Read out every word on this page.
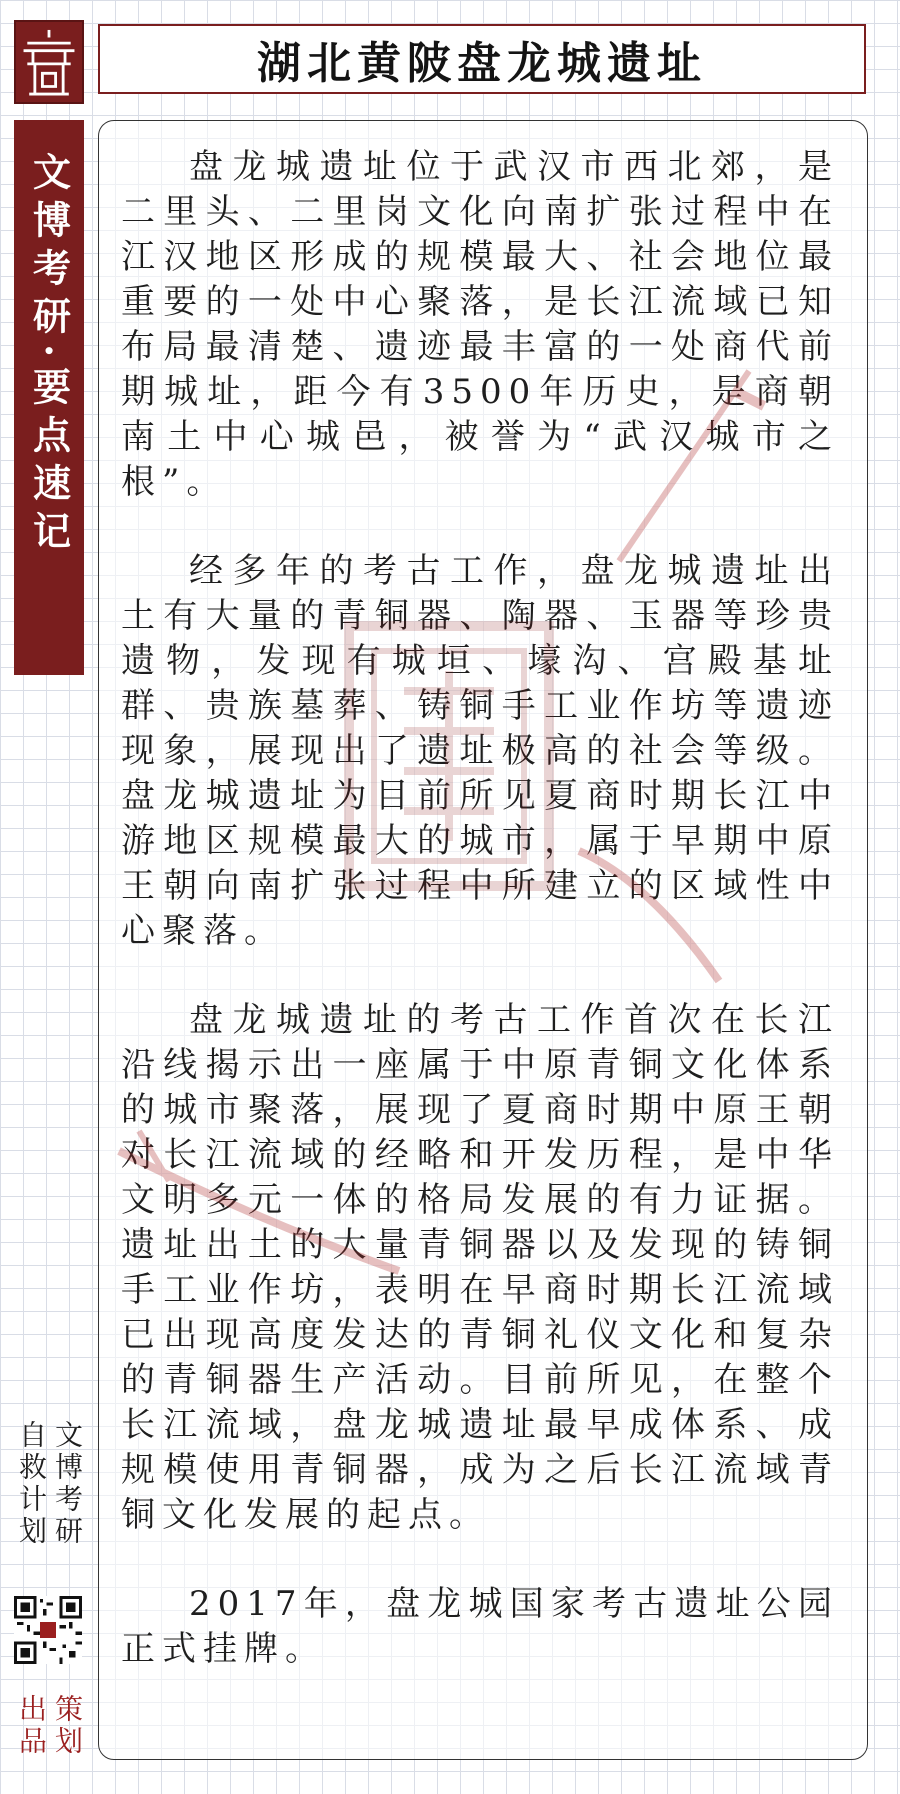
湖北黄陂盘龙城遗址
文博考研·要点速记	盘龙城遗址位于武汉市西北郊，是二里头、二里岗文化向南扩张过程中在江汉地区形成的规模最大、社会地位最重要的一处中心聚落，是长江流域已知布局最清楚、遗迹最丰富的一处商代前期城址，距今有3500年历史，是商朝南土中心城邑，被誉为“武汉城市之根”。

经多年的考古工作，盘龙城遗址出土有大量的青铜器、陶器、玉器等珍贵遗物，发现有城垣、壕沟、宫殿基址群、贵族墓葬、铸铜手工业作坊等遗迹现象，展现出了遗址极高的社会等级。盘龙城遗址为目前所见夏商时期长江中游地区规模最大的城市，属于早期中原王朝向南扩张过程中所建立的区域性中心聚落。

盘龙城遗址的考古工作首次在长江沿线揭示出一座属于中原青铜文化体系的城市聚落，展现了夏商时期中原王朝对长江流域的经略和开发历程，是中华文明多元一体的格局发展的有力证据。遗址出土的大量青铜器以及发现的铸铜手工业作坊，表明在早商时期长江流域已出现高度发达的青铜礼仪文化和复杂的青铜器生产活动。目前所见，在整个长江流域，盘龙城遗址最早成体系、成规模使用青铜器，成为之后长江流域青铜文化发展的起点。

2017年，盘龙城国家考古遗址公园正式挂牌。

文博考研
自救计划
策划
出品
